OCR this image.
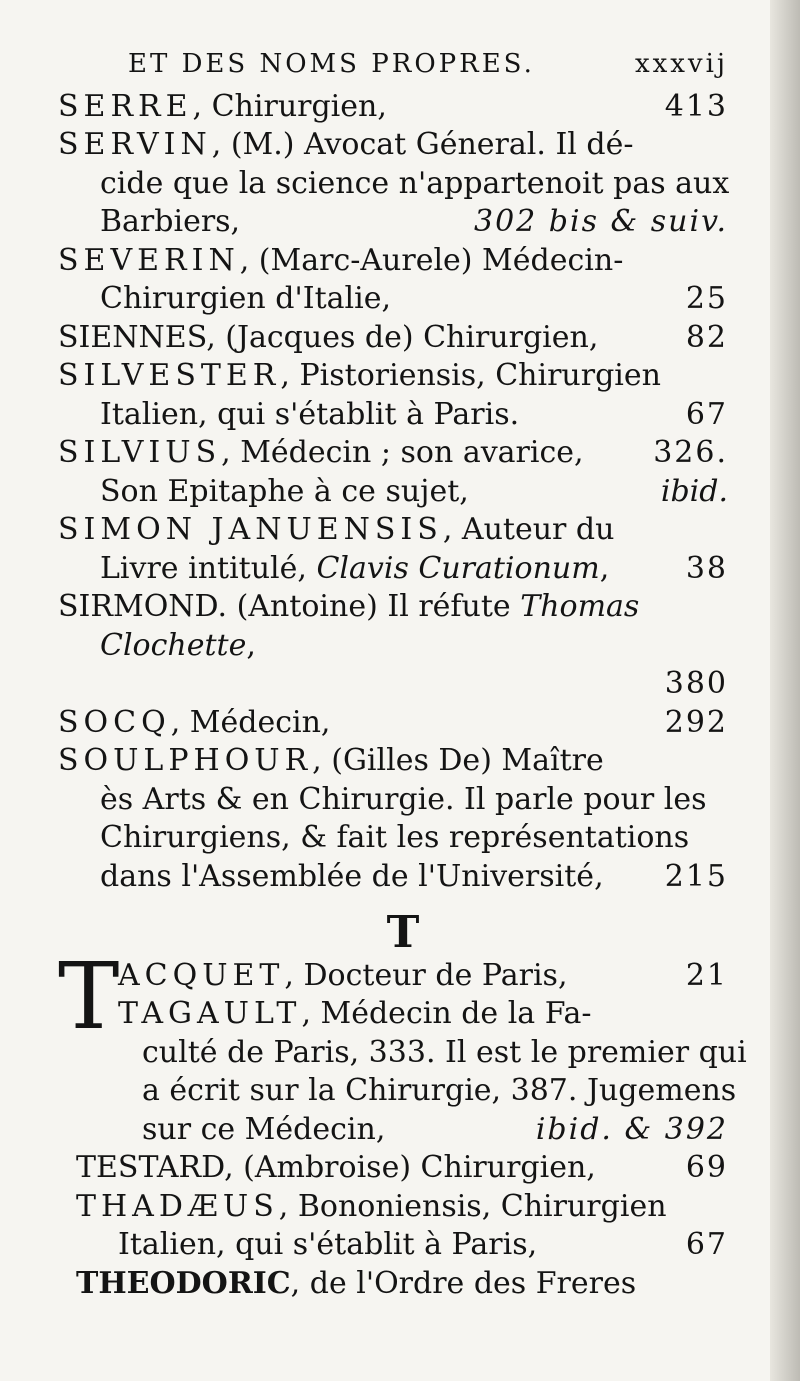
ET DES NOMS PROPRES.	xxxvij
SERRE, Chirurgien,	413
SERVIN, (M.) Avocat Géneral. Il dé-
cide que la science n'appartenoit pas aux
Barbiers,	302 bis & suiv.
SEVERIN, (Marc-Aurele) Médecin-
Chirurgien d'Italie,	25
SIENNES, (Jacques de) Chirurgien,	82
SILVESTER, Pistoriensis, Chirurgien
Italien, qui s'établit à Paris.	67
SILVIUS, Médecin ; son avarice, 326.
Son Epitaphe à ce sujet,	ibid.
SIMON JANUENSIS, Auteur du
Livre intitulé, Clavis Curationum,	38
SIRMOND. (Antoine) Il réfute Thomas
Clochette,
380
SOCQ, Médecin,	292
SOULPHOUR, (Gilles De) Maître
ès Arts & en Chirurgie. Il parle pour les
Chirurgiens, & fait les représentations
dans l'Assemblée de l'Université, 215
T
T
ACQUET, Docteur de Paris,	21
TAGAULT, Médecin de la Fa-
culté de Paris, 333. Il est le premier qui
a écrit sur la Chirurgie, 387. Jugemens
sur ce Médecin,	ibid. & 392
TESTARD, (Ambroise) Chirurgien,	69
THADÆUS, Bononiensis, Chirurgien
Italien, qui s'établit à Paris,	67
THEODORIC, de l'Ordre des Freres
